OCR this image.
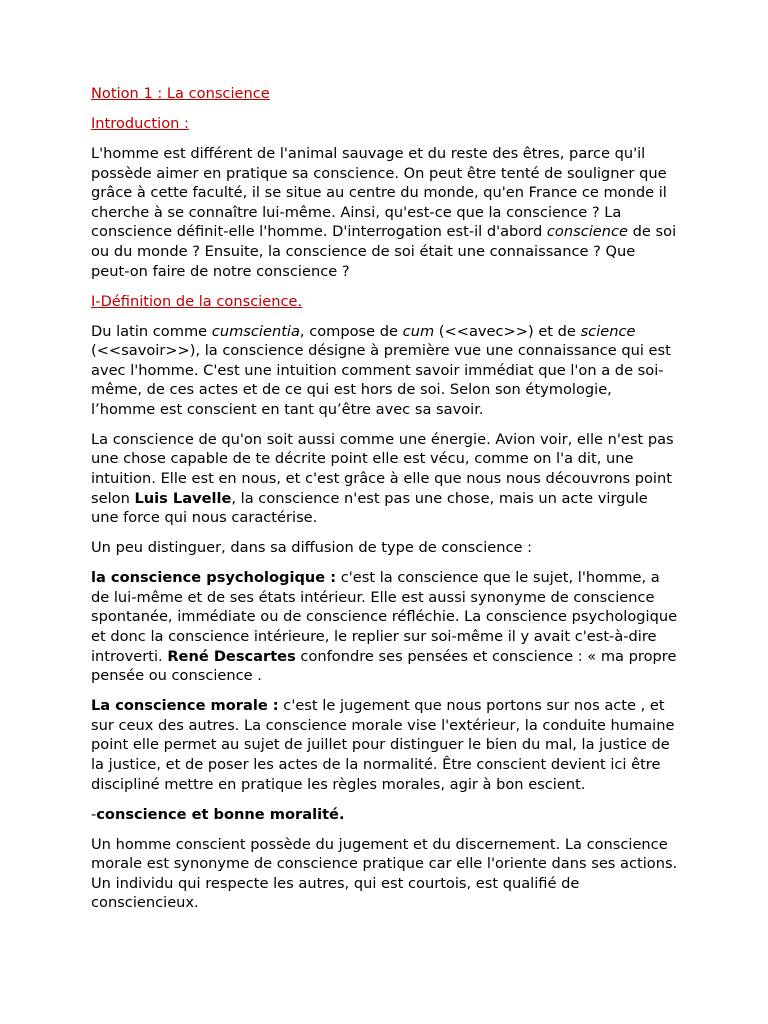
Notion 1 : La conscience

Introduction :

L'homme est différent de l'animal sauvage et du reste des êtres, parce qu'il possède aimer en pratique sa conscience. On peut être tenté de souligner que grâce à cette faculté, il se situe au centre du monde, qu'en France ce monde il cherche à se connaître lui-même. Ainsi, qu'est-ce que la conscience ? La conscience définit-elle l'homme. D'interrogation est-il d'abord conscience de soi ou du monde ? Ensuite, la conscience de soi était une connaissance ? Que peut-on faire de notre conscience ?

I-Définition de la conscience.

Du latin comme cumscientia, compose de cum (<<avec>>) et de science (<<savoir>>), la conscience désigne à première vue une connaissance qui est avec l'homme. C'est une intuition comment savoir immédiat que l'on a de soi-même, de ces actes et de ce qui est hors de soi. Selon son étymologie, l’homme est conscient en tant qu’être avec sa savoir.

La conscience de qu'on soit aussi comme une énergie. Avion voir, elle n'est pas une chose capable de te décrite point elle est vécu, comme on l'a dit, une intuition. Elle est en nous, et c'est grâce à elle que nous nous découvrons point selon Luis Lavelle, la conscience n'est pas une chose, mais un acte virgule une force qui nous caractérise.

Un peu distinguer, dans sa diffusion de type de conscience :

la conscience psychologique : c'est la conscience que le sujet, l'homme, a de lui-même et de ses états intérieur. Elle est aussi synonyme de conscience spontanée, immédiate ou de conscience réfléchie. La conscience psychologique et donc la conscience intérieure, le replier sur soi-même il y avait c'est-à-dire introverti. René Descartes confondre ses pensées et conscience : « ma propre pensée ou conscience .

La conscience morale : c'est le jugement que nous portons sur nos acte , et sur ceux des autres. La conscience morale vise l'extérieur, la conduite humaine point elle permet au sujet de juillet pour distinguer le bien du mal, la justice de la justice, et de poser les actes de la normalité. Être conscient devient ici être discipliné mettre en pratique les règles morales, agir à bon escient.

-conscience et bonne moralité.

Un homme conscient possède du jugement et du discernement. La conscience morale est synonyme de conscience pratique car elle l'oriente dans ses actions. Un individu qui respecte les autres, qui est courtois, est qualifié de consciencieux.
